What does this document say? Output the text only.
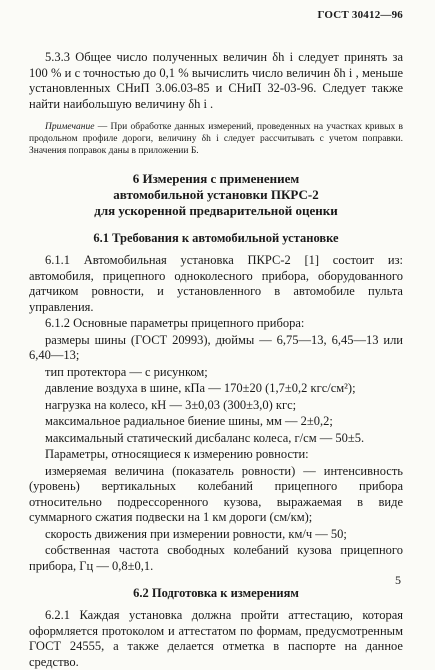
ГОСТ 30412—96

5.3.3 Общее число полученных величин δh i следует принять за 100 % и с точностью до 0,1 % вычислить число величин δh i , меньше установленных СНиП 3.06.03-85 и СНиП 32-03-96. Следует также найти наибольшую величину δh i .

Примечание — При обработке данных измерений, проведенных на участках кривых в продольном профиле дороги, величину δh i следует рассчитывать с учетом поправки. Значения поправок даны в приложении Б.

6 Измерения с применением
автомобильной установки ПКРС-2
для ускоренной предварительной оценки
6.1 Требования к автомобильной установке

6.1.1 Автомобильная установка ПКРС-2 [1] состоит из: автомобиля, прицепного одноколесного прибора, оборудованного датчиком ровности, и установленного в автомобиле пульта управления.

6.1.2 Основные параметры прицепного прибора:

размеры шины (ГОСТ 20993), дюймы — 6,75—13, 6,45—13 или 6,40—13;

тип протектора — с рисунком;

давление воздуха в шине, кПа — 170±20 (1,7±0,2 кгс/см²);

нагрузка на колесо, кН — 3±0,03 (300±3,0) кгс;

максимальное радиальное биение шины, мм — 2±0,2;

максимальный статический дисбаланс колеса, г/см — 50±5.

Параметры, относящиеся к измерению ровности:

измеряемая величина (показатель ровности) — интенсивность (уровень) вертикальных колебаний прицепного прибора относительно подрессоренного кузова, выражаемая в виде суммарного сжатия подвески на 1 км дороги (см/км);

скорость движения при измерении ровности, км/ч — 50;

собственная частота свободных колебаний кузова прицепного прибора, Гц — 0,8±0,1.

6.2 Подготовка к измерениям

6.2.1 Каждая установка должна пройти аттестацию, которая оформляется протоколом и аттестатом по формам, предусмотренным ГОСТ 24555, а также делается отметка в паспорте на данное средство.

5
